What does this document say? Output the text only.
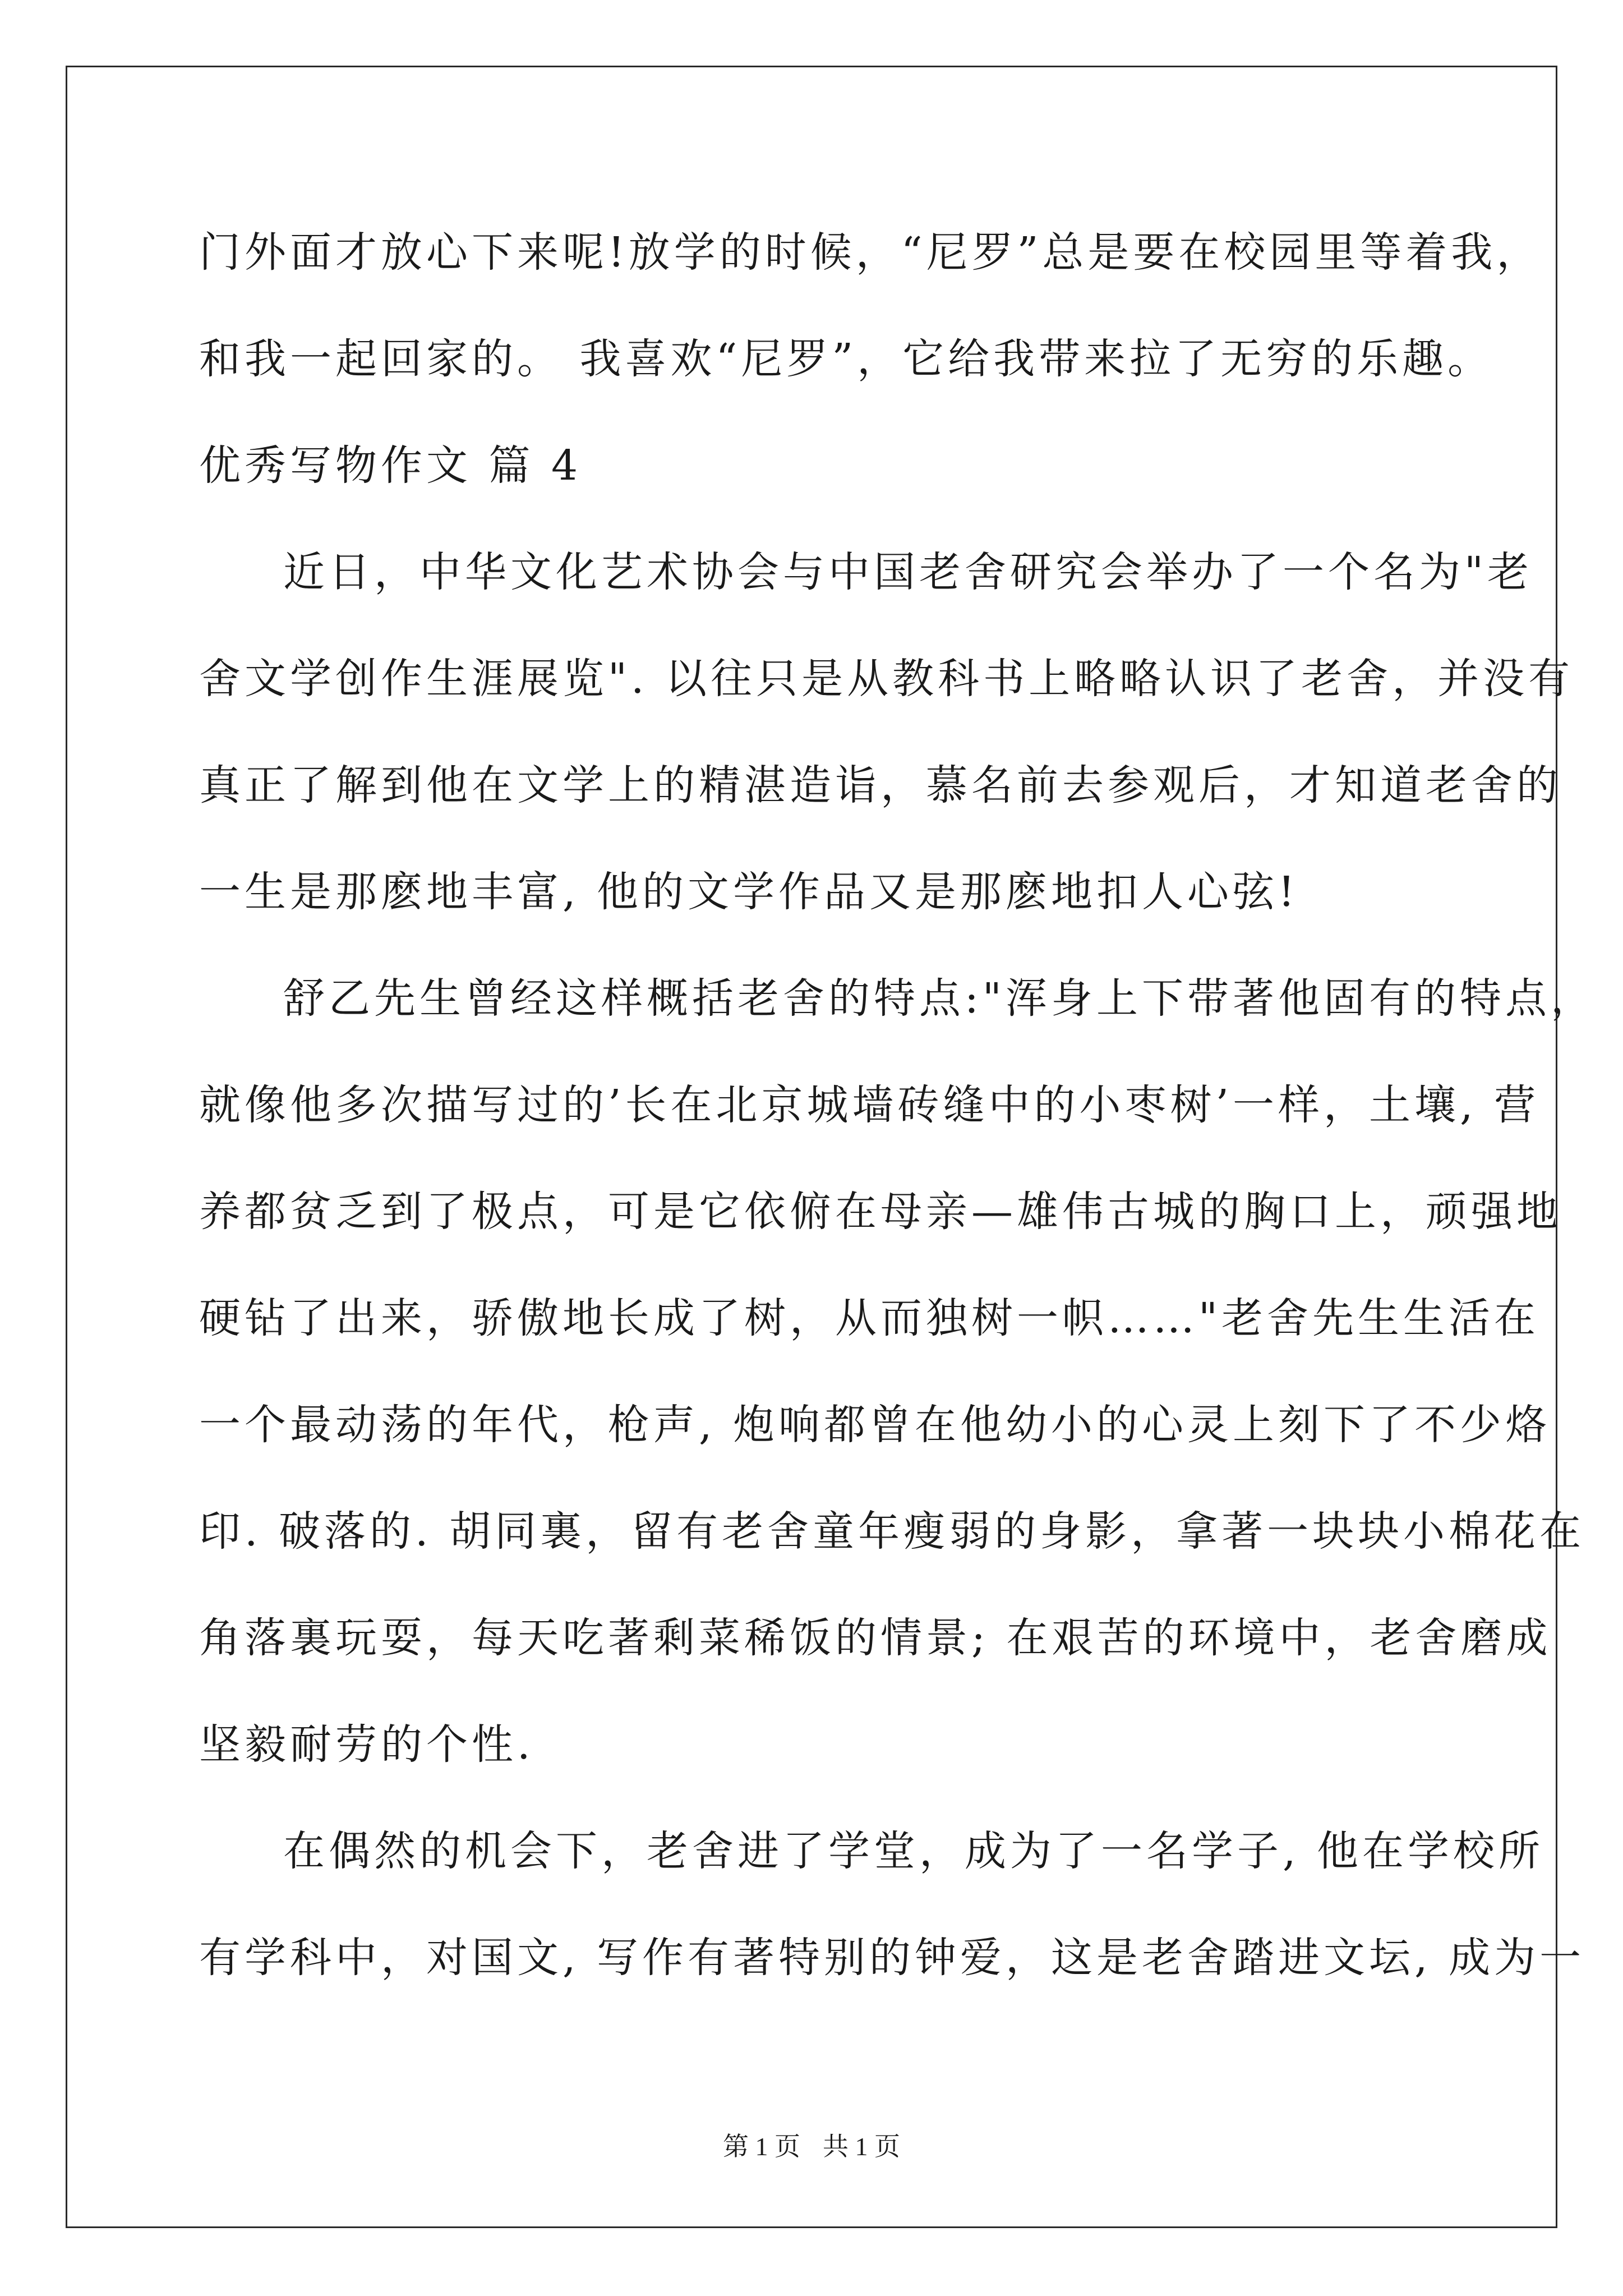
门外面才放心下来呢!放学的时候，“尼罗”总是要在校园里等着我，
和我一起回家的。 我喜欢“尼罗”，它给我带来拉了无穷的乐趣。
优秀写物作文 篇 4
近日，中华文化艺术协会与中国老舍研究会举办了一个名为"老
舍文学创作生涯展览". 以往只是从教科书上略略认识了老舍，并没有
真正了解到他在文学上的精湛造诣，慕名前去参观后，才知道老舍的
一生是那麽地丰富, 他的文学作品又是那麽地扣人心弦!
舒乙先生曾经这样概括老舍的特点:"浑身上下带著他固有的特点，
就像他多次描写过的’长在北京城墙砖缝中的小枣树’一样，土壤, 营
养都贫乏到了极点，可是它依俯在母亲—雄伟古城的胸口上，顽强地
硬钻了出来，骄傲地长成了树，从而独树一帜……"老舍先生生活在
一个最动荡的年代，枪声, 炮响都曾在他幼小的心灵上刻下了不少烙
印. 破落的. 胡同裏，留有老舍童年瘦弱的身影，拿著一块块小棉花在
角落裏玩耍，每天吃著剩菜稀饭的情景; 在艰苦的环境中，老舍磨成
坚毅耐劳的个性.
在偶然的机会下，老舍进了学堂，成为了一名学子, 他在学校所
有学科中，对国文, 写作有著特别的钟爱，这是老舍踏进文坛, 成为一
第 1 页 共 1 页
